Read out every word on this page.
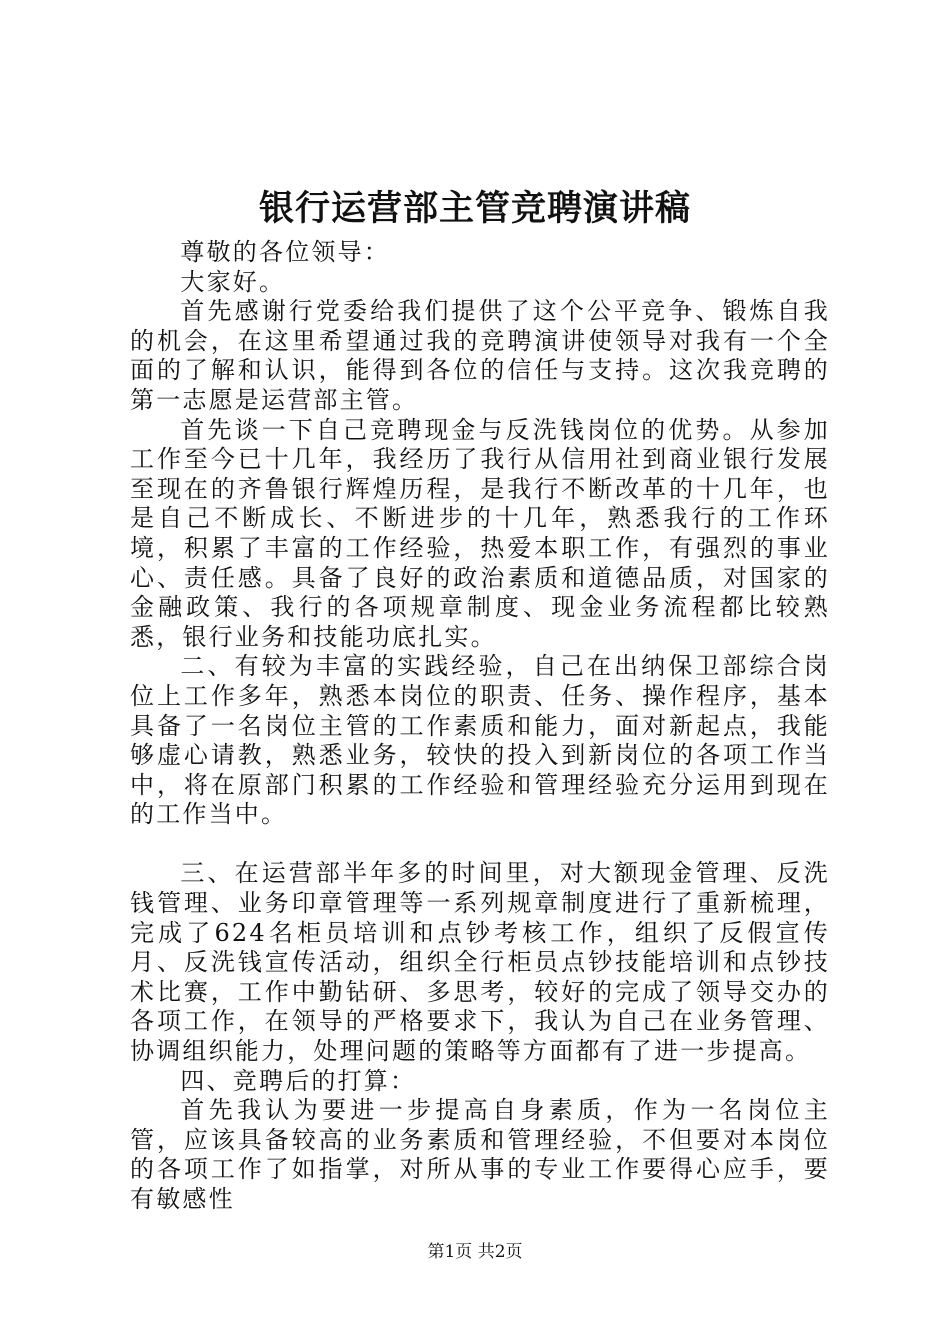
银行运营部主管竞聘演讲稿

尊敬的各位领导：

大家好。

首先感谢行党委给我们提供了这个公平竞争、锻炼自我的机会，在这里希望通过我的竞聘演讲使领导对我有一个全面的了解和认识，能得到各位的信任与支持。这次我竞聘的第一志愿是运营部主管。

首先谈一下自己竞聘现金与反洗钱岗位的优势。从参加工作至今已十几年，我经历了我行从信用社到商业银行发展至现在的齐鲁银行辉煌历程，是我行不断改革的十几年，也是自己不断成长、不断进步的十几年，熟悉我行的工作环境，积累了丰富的工作经验，热爱本职工作，有强烈的事业心、责任感。具备了良好的政治素质和道德品质，对国家的金融政策、我行的各项规章制度、现金业务流程都比较熟悉，银行业务和技能功底扎实。

二、有较为丰富的实践经验，自己在出纳保卫部综合岗位上工作多年，熟悉本岗位的职责、任务、操作程序，基本具备了一名岗位主管的工作素质和能力，面对新起点，我能够虚心请教，熟悉业务，较快的投入到新岗位的各项工作当中，将在原部门积累的工作经验和管理经验充分运用到现在的工作当中。

三、在运营部半年多的时间里，对大额现金管理、反洗钱管理、业务印章管理等一系列规章制度进行了重新梳理，完成了624名柜员培训和点钞考核工作，组织了反假宣传月、反洗钱宣传活动，组织全行柜员点钞技能培训和点钞技术比赛，工作中勤钻研、多思考，较好的完成了领导交办的各项工作，在领导的严格要求下，我认为自己在业务管理、协调组织能力，处理问题的策略等方面都有了进一步提高。

四、竞聘后的打算：

首先我认为要进一步提高自身素质，作为一名岗位主管，应该具备较高的业务素质和管理经验，不但要对本岗位的各项工作了如指掌，对所从事的专业工作要得心应手，要有敏感性

第1页 共2页
